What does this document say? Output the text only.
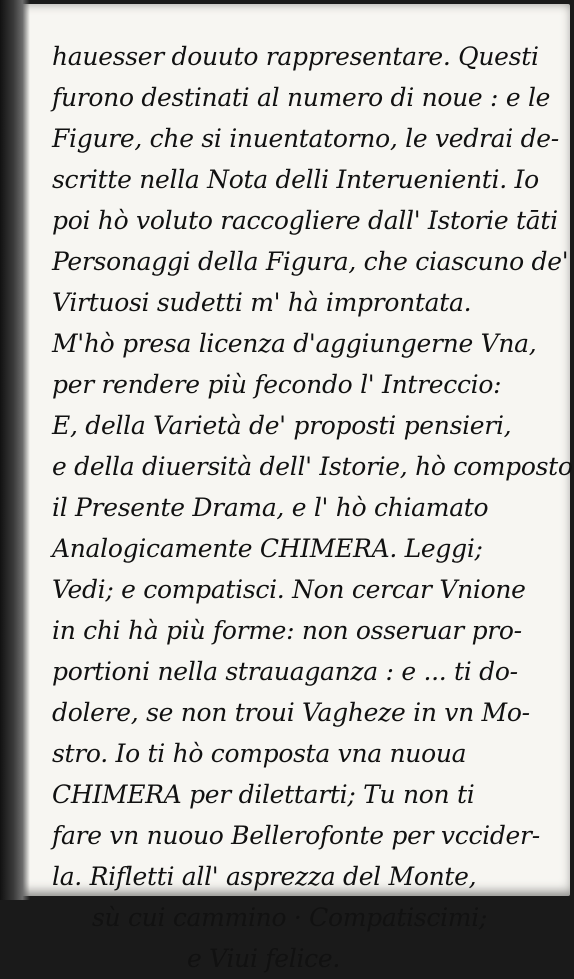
hauesser douuto rappresentare. Questi
furono destinati al numero di noue : e le
Figure, che si inuentatorno, le vedrai de-
scritte nella Nota delli Interuenienti. Io
poi hò voluto raccogliere dall' Istorie tāti
Personaggi della Figura, che ciascuno de'
Virtuosi sudetti m' hà improntata.
M'hò presa licenza d'aggiungerne Vna,
per rendere più fecondo l' Intreccio:
E, della Varietà de' proposti pensieri,
e della diuersità dell' Istorie, hò composto
il Presente Drama, e l' hò chiamato
Analogicamente CHIMERA. Leggi;
Vedi; e compatisci. Non cercar Vnione
in chi hà più forme: non osseruar pro-
portioni nella strauaganza : e ... ti do-
dolere, se non troui Vagheze in vn Mo-
stro. Io ti hò composta vna nuoua
CHIMERA per dilettarti; Tu non ti
fare vn nuouo Bellerofonte per vccider-
la. Rifletti all' asprezza del Monte,
sù cui cammino · Compatiscimi;
e Viui felice.
